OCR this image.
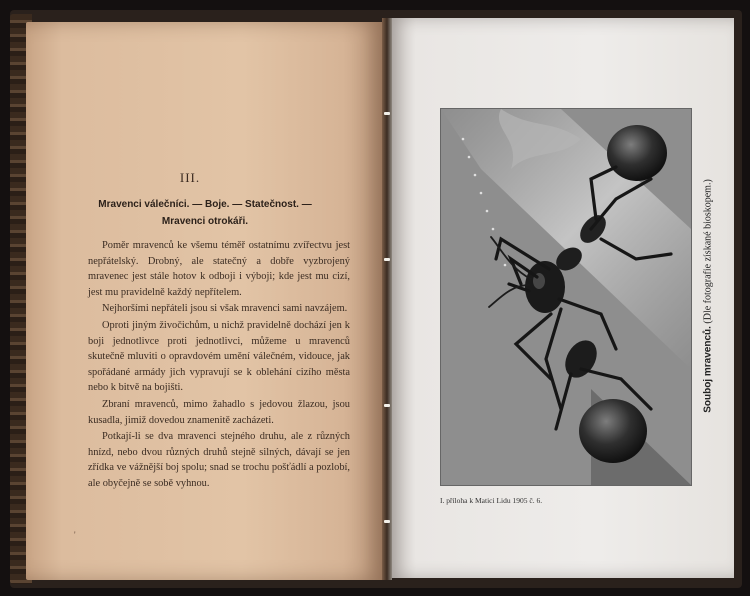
III.
Mravenci válečníci. — Boje. — Statečnost. —
Mravenci otrokáři.

Poměr mravenců ke všemu téměř ostatnímu zvířectvu jest nepřátelský. Drobný, ale statečný a dobře vyzbrojený mravenec jest stále hotov k odboji i výboji; kde jest mu cizí, jest mu pravidelně každý nepřítelem.

Nejhoršími nepřáteli jsou si však mravenci sami navzájem.

Oproti jiným živočichům, u nichž pravidelně dochází jen k boji jednotlivce proti jednotlivci, můžeme u mravenců skutečně mluviti o opravdovém umění válečném, vidouce, jak spořádané armády jich vypravují se k oblehání cizího města nebo k bitvě na bojišti.

Zbraní mravenců, mimo žahadlo s jedovou žlazou, jsou kusadla, jimiž dovedou znamenitě zacházeti.

Potkají-li se dva mravenci stejného druhu, ale z různých hnízd, nebo dvou různých druhů stejně silných, dávají se jen zřídka ve vážnější boj spolu; snad se trochu pošťádlí a pozlobí, ale obyčejně se sobě vyhnou.

'
Souboj mravenců. (Dle fotografie získané bioskopem.)
I. příloha k Matici Lidu 1905 č. 6.
